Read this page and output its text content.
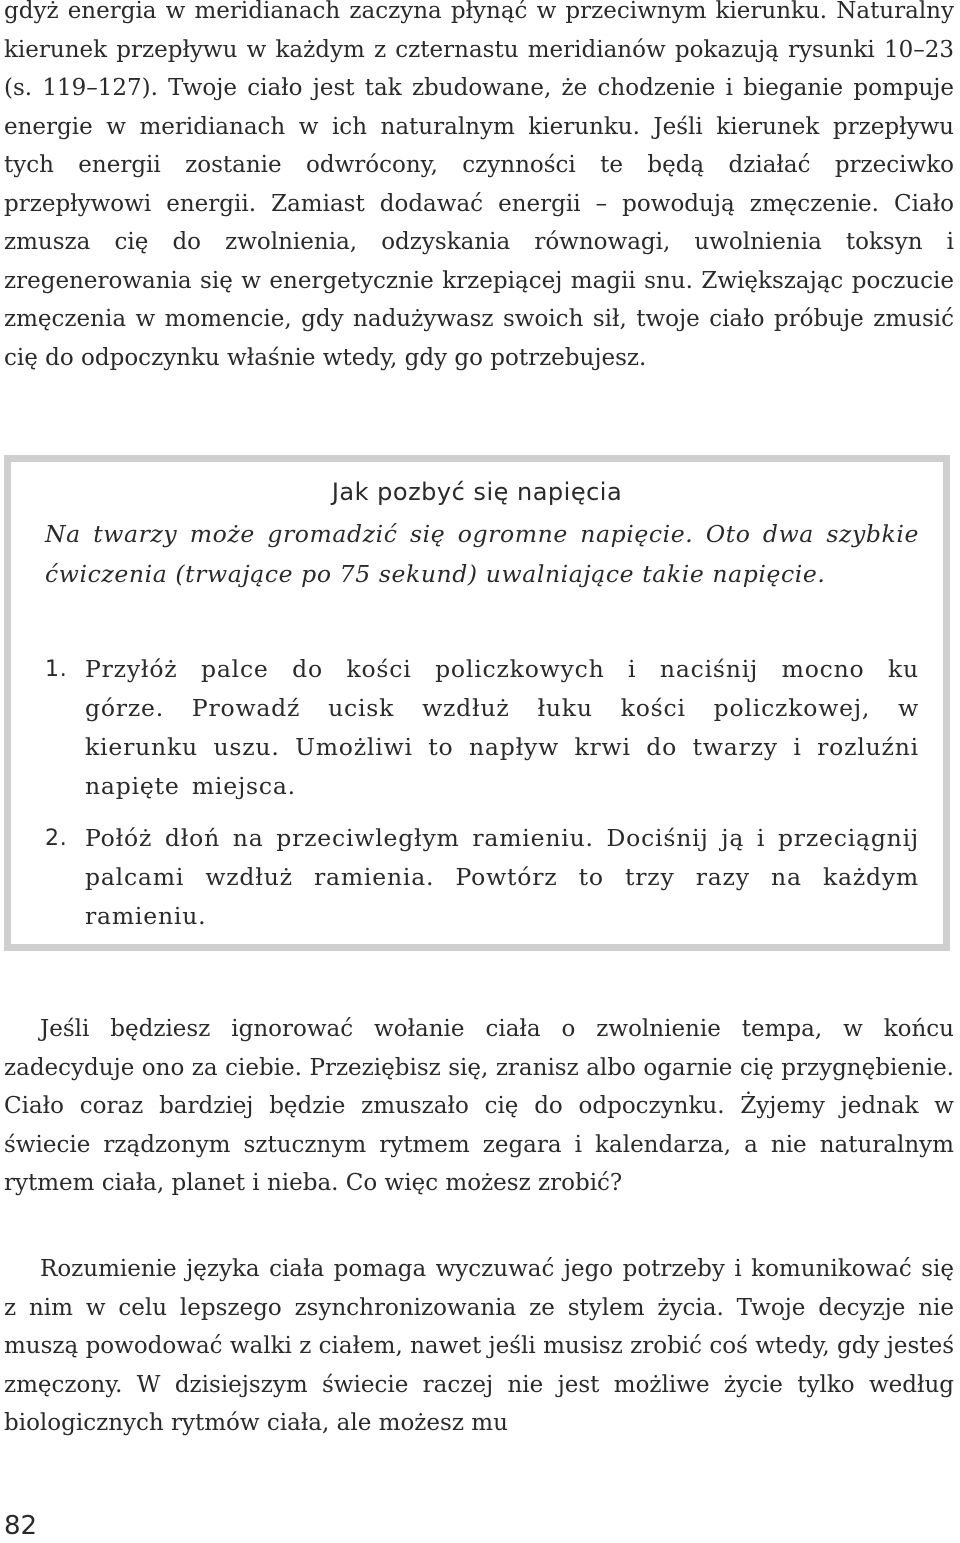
gdyż energia w meridianach zaczyna płynąć w przeciwnym kierunku. Naturalny kierunek przepływu w każdym z czternastu meridianów pokazują rysunki 10–23 (s. 119–127). Twoje ciało jest tak zbudowane, że chodzenie i bieganie pompuje energie w meridianach w ich naturalnym kierunku. Jeśli kierunek przepływu tych energii zostanie odwrócony, czynności te będą działać przeciwko przepływowi energii. Zamiast dodawać energii – powodują zmęczenie. Ciało zmusza cię do zwolnienia, odzyskania równowagi, uwolnienia toksyn i zregenerowania się w energetycznie krzepiącej magii snu. Zwiększając poczucie zmęczenia w momencie, gdy nadużywasz swoich sił, twoje ciało próbuje zmusić cię do odpoczynku właśnie wtedy, gdy go potrzebujesz.

Jak pozbyć się napięcia

Na twarzy może gromadzić się ogromne napięcie. Oto dwa szybkie ćwiczenia (trwające po 75 sekund) uwalniające takie napięcie.

1. Przyłóż palce do kości policzkowych i naciśnij mocno ku górze. Prowadź ucisk wzdłuż łuku kości policzkowej, w kierunku uszu. Umożliwi to napływ krwi do twarzy i rozluźni napięte miejsca.
2. Połóż dłoń na przeciwległym ramieniu. Dociśnij ją i przeciągnij palcami wzdłuż ramienia. Powtórz to trzy razy na każdym ramieniu.

Jeśli będziesz ignorować wołanie ciała o zwolnienie tempa, w końcu zadecyduje ono za ciebie. Przeziębisz się, zranisz albo ogarnie cię przygnębienie. Ciało coraz bardziej będzie zmuszało cię do odpoczynku. Żyjemy jednak w świecie rządzonym sztucznym rytmem zegara i kalendarza, a nie naturalnym rytmem ciała, planet i nieba. Co więc możesz zrobić?

Rozumienie języka ciała pomaga wyczuwać jego potrzeby i komunikować się z nim w celu lepszego zsynchronizowania ze stylem życia. Twoje decyzje nie muszą powodować walki z ciałem, nawet jeśli musisz zrobić coś wtedy, gdy jesteś zmęczony. W dzisiejszym świecie raczej nie jest możliwe życie tylko według biologicznych rytmów ciała, ale możesz mu

82
